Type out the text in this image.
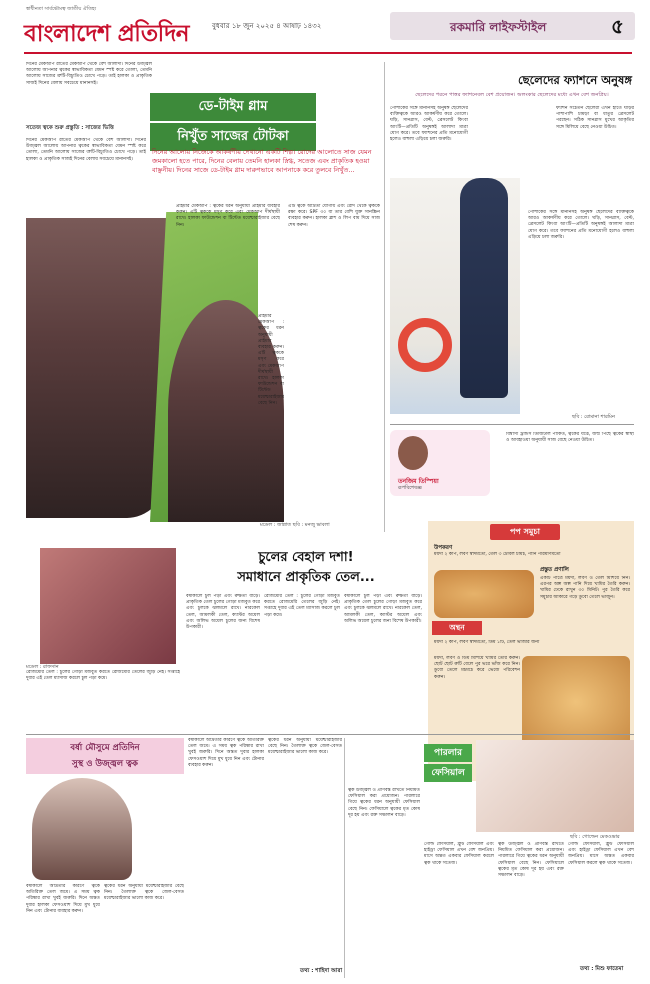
স্বাধীনতা সার্বভৌমত্ব জাতীয় ঐতিহ্য
বাংলাদেশ প্রতিদিন	বুধবার ১৮ জুন ২০২৫ ৪ আষাঢ় ১৪৩২	রকমারি লাইফস্টাইল	৫
দিনের মেকআপ রাতের মেকআপ থেকে বেশ আলাদা। দিনের উজ্জ্বল আলোয় আপনার ত্বকের স্বাভাবিকতা যেমন স্পষ্ট করে তোলা, তেমনি আলোয় সাজের ত্রুটি-বিচ্যুতিও চোখে পড়ে। তাই হালকা ও প্রাকৃতিক সাজই দিনের বেলায় সবচেয়ে মানানসই।
ডে-টাইম গ্লাম
নিখুঁত সাজের টোটকা
দিনের আলোয় নিজেকে আকর্ষণীয় দেখানো একটি শিল্প। রোদের আলোতে সাজ যেমন জমকালো হতে পারে, দিনের বেলায় তেমনি হালকা স্নিগ্ধ, সতেজ এবং প্রাকৃতিক হওয়া বাঞ্ছনীয়। দিনের সাজে ডে-টাইম গ্লাম দারুণভাবে আপনাকে করে তুলবে নিখুঁত...
সতেজ ত্বকে শুরু প্রস্তুতি : সাজের ভিত্তি
দিনের মেকআপ রাতের মেকআপ থেকে বেশ আলাদা। দিনের উজ্জ্বল আলোয় আপনার ত্বকের স্বাভাবিকতা যেমন স্পষ্ট করে তোলা, তেমনি আলোয় সাজের ত্রুটি-বিচ্যুতিও চোখে পড়ে। তাই হালকা ও প্রাকৃতিক সাজই দিনের বেলায় সবচেয়ে মানানসই।
প্রাইমার মেকআপ : ত্বকের ধরন অনুযায়ী প্রাইমার ব্যবহার করুন। এটি ত্বককে মসৃণ করে এবং মেকআপ দীর্ঘস্থায়ী রাখে। হালকা ফাউন্ডেশন বা টিন্টেড ময়েশ্চারাইজার বেছে নিন।
প্রাইমার মেকআপ : ত্বকের ধরন অনুযায়ী প্রাইমার ব্যবহার করুন। এটি ত্বককে মসৃণ করে এবং মেকআপ দীর্ঘস্থায়ী রাখে। হালকা ফাউন্ডেশন বা টিন্টেড ময়েশ্চারাইজার বেছে নিন।
এটি ত্বকে আর্দ্রতা যোগায় এবং রোদ থেকে ত্বককে রক্ষা করে। SPF ৩০ বা তার বেশি যুক্ত সানস্ক্রিন ব্যবহার করুন। হালকা ব্লাশ ও লিপ বাম দিয়ে সাজ শেষ করুন।
মডেল : জান্নাত ছবি : মনজু ভাবলা
ছেলেদের ফ্যাশনে অনুষঙ্গ
ছেলেদের পরনে পাত্তর ফ্যাশনেবল বেশ প্রয়োজন। অলংকার ছেলেদের মধ্যে এখন বেশ জনপ্রিয়।
পোশাকের সঙ্গে মানানসই অনুষঙ্গ ছেলেদের ব্যক্তিত্বকে আরও আকর্ষণীয় করে তোলে। ঘড়ি, সানগ্লাস, বেল্ট, ব্রেসলেট কিংবা আংটি—প্রতিটি অনুষঙ্গই আলাদা মাত্রা যোগ করে। তবে ফ্যাশনের প্রতি মনোযোগী হলেও বাহুল্য এড়িয়ে চলা জরুরি।
ফ্যাশন সচেতন ছেলেরা এখন হাতে ঘড়ির পাশাপাশি চামড়া বা ধাতুর ব্রেসলেট পরছেন। সঠিক সানগ্লাস মুখের আকৃতির সঙ্গে মিলিয়ে বেছে নেওয়া উচিত।
পোশাকের সঙ্গে মানানসই অনুষঙ্গ ছেলেদের ব্যক্তিত্বকে আরও আকর্ষণীয় করে তোলে। ঘড়ি, সানগ্লাস, বেল্ট, ব্রেসলেট কিংবা আংটি—প্রতিটি অনুষঙ্গই আলাদা মাত্রা যোগ করে। তবে ফ্যাশনের প্রতি মনোযোগী হলেও বাহুল্য এড়িয়ে চলা জরুরি।
ছবি : রোমানা শারমিন
তনজিম তিস্পিয়া
রূপবিশেষজ্ঞ
বিশ্বাসী ট্রীন্ডস ডিজিটাল পাঁকিত, ত্বকের যত্নে, জন্ম পিছে ত্বকের স্বাস্থ্য ও আবহাওয়া অনুযায়ী সাজ বেছে নেওয়া উচিত।
পপ সমুচা
উপকরণ
ময়দা ২ কাপ, লবণ স্বাদমতো, তেল ৩ টেবিল চামচ, পানি পরিমাণমতো
প্রস্তুত প্রণালি
একটি পাত্রে ময়দা, লবণ ও তেল মিশিয়ে নিন। এরপর অল্প অল্প পানি দিয়ে খামির তৈরি করুন। খামির ঢেকে রাখুন ৩০ মিনিট। পুর তৈরি করে সমুচার আকারে গড়ে ডুবো তেলে ভাজুন।
অন্থন
ময়দা ২ কাপ, লবণ স্বাদমতো, ডিম ১টি, তেল ভাজার জন্য
ময়দা, লবণ ও ডিম মিশিয়ে খামির তৈরি করুন। ছোট ছোট রুটি বেলে পুর ভরে ভাঁজ করে নিন। ডুবো তেলে মচমচে করে ভেজে পরিবেশন করুন।
চুলের বেহাল দশা!
সমাধানে প্রাকৃতিক তেল...
বর্ষাকালে চুল পড়া এবং রুক্ষতা বাড়ে। প্রাকৃতিক তেল চুলের গোড়া মজবুত করে এবং চুলকে ঝলমলে রাখে। নারকেল তেল, আমলকী তেল, ক্যাস্টর অয়েল এবং অলিভ অয়েল চুলের জন্য বিশেষ উপকারী।
রোজমেরি তেল : চুলের গোড়া মজবুত করতে রোজমেরি তেলের জুড়ি নেই। সপ্তাহে দুবার এই তেল ম্যাসাজ করলে চুল পড়া কমে।
বর্ষাকালে চুল পড়া এবং রুক্ষতা বাড়ে। প্রাকৃতিক তেল চুলের গোড়া মজবুত করে এবং চুলকে ঝলমলে রাখে। নারকেল তেল, আমলকী তেল, ক্যাস্টর অয়েল এবং অলিভ অয়েল চুলের জন্য বিশেষ উপকারী।
রোজমেরি তেল : চুলের গোড়া মজবুত করতে রোজমেরি তেলের জুড়ি নেই। সপ্তাহে দুবার এই তেল ম্যাসাজ করলে চুল পড়া কমে।
মডেল : রাফসান
বর্ষা মৌসুমে প্রতিদিন
সুস্থ ও উজ্জ্বল ত্বক
বর্ষাকালে আর্দ্রতার কারণে ত্বকে অতিরিক্ত তেল জমে। এ সময় ত্বক পরিষ্কার রাখা খুবই জরুরি। দিনে অন্তত দুবার হালকা ফেসওয়াশ দিয়ে মুখ ধুয়ে নিন এবং টোনার ব্যবহার করুন।
ত্বকের ধরন অনুযায়ী ময়েশ্চারাইজার বেছে নিন। তৈলাক্ত ত্বকে জেল-বেসড ময়েশ্চারাইজার ভালো কাজ করে।
বর্ষাকালে আর্দ্রতার কারণে ত্বকে অতিরিক্ত তেল জমে। এ সময় ত্বক পরিষ্কার রাখা খুবই জরুরি। দিনে অন্তত দুবার হালকা ফেসওয়াশ দিয়ে মুখ ধুয়ে নিন এবং টোনার ব্যবহার করুন।
ত্বকের ধরন অনুযায়ী ময়েশ্চারাইজার বেছে নিন। তৈলাক্ত ত্বকে জেল-বেসড ময়েশ্চারাইজার ভালো কাজ করে।
তথ্য : শাহিদা আরা
পারলার
ফেসিয়াল
ছবি : গোল্ডেন মেকওভার
ত্বক উজ্জ্বল ও প্রাণবন্ত রাখতে নিয়মিত ফেসিয়াল করা প্রয়োজন। পারলারে গিয়ে ত্বকের ধরন অনুযায়ী ফেসিয়াল বেছে নিন। ফেসিয়ালে ত্বকের মৃত কোষ দূর হয় এবং রক্ত সঞ্চালন বাড়ে।
গোল্ড ফেসিয়াল, ফ্রুট ফেসিয়াল এবং হাইড্রা ফেসিয়াল এখন বেশ জনপ্রিয়। মাসে অন্তত একবার ফেসিয়াল করলে ত্বক থাকে সতেজ।
ত্বক উজ্জ্বল ও প্রাণবন্ত রাখতে নিয়মিত ফেসিয়াল করা প্রয়োজন। পারলারে গিয়ে ত্বকের ধরন অনুযায়ী ফেসিয়াল বেছে নিন। ফেসিয়ালে ত্বকের মৃত কোষ দূর হয় এবং রক্ত সঞ্চালন বাড়ে।
গোল্ড ফেসিয়াল, ফ্রুট ফেসিয়াল এবং হাইড্রা ফেসিয়াল এখন বেশ জনপ্রিয়। মাসে অন্তত একবার ফেসিয়াল করলে ত্বক থাকে সতেজ।
তথ্য : মিশু ফাতেমা
